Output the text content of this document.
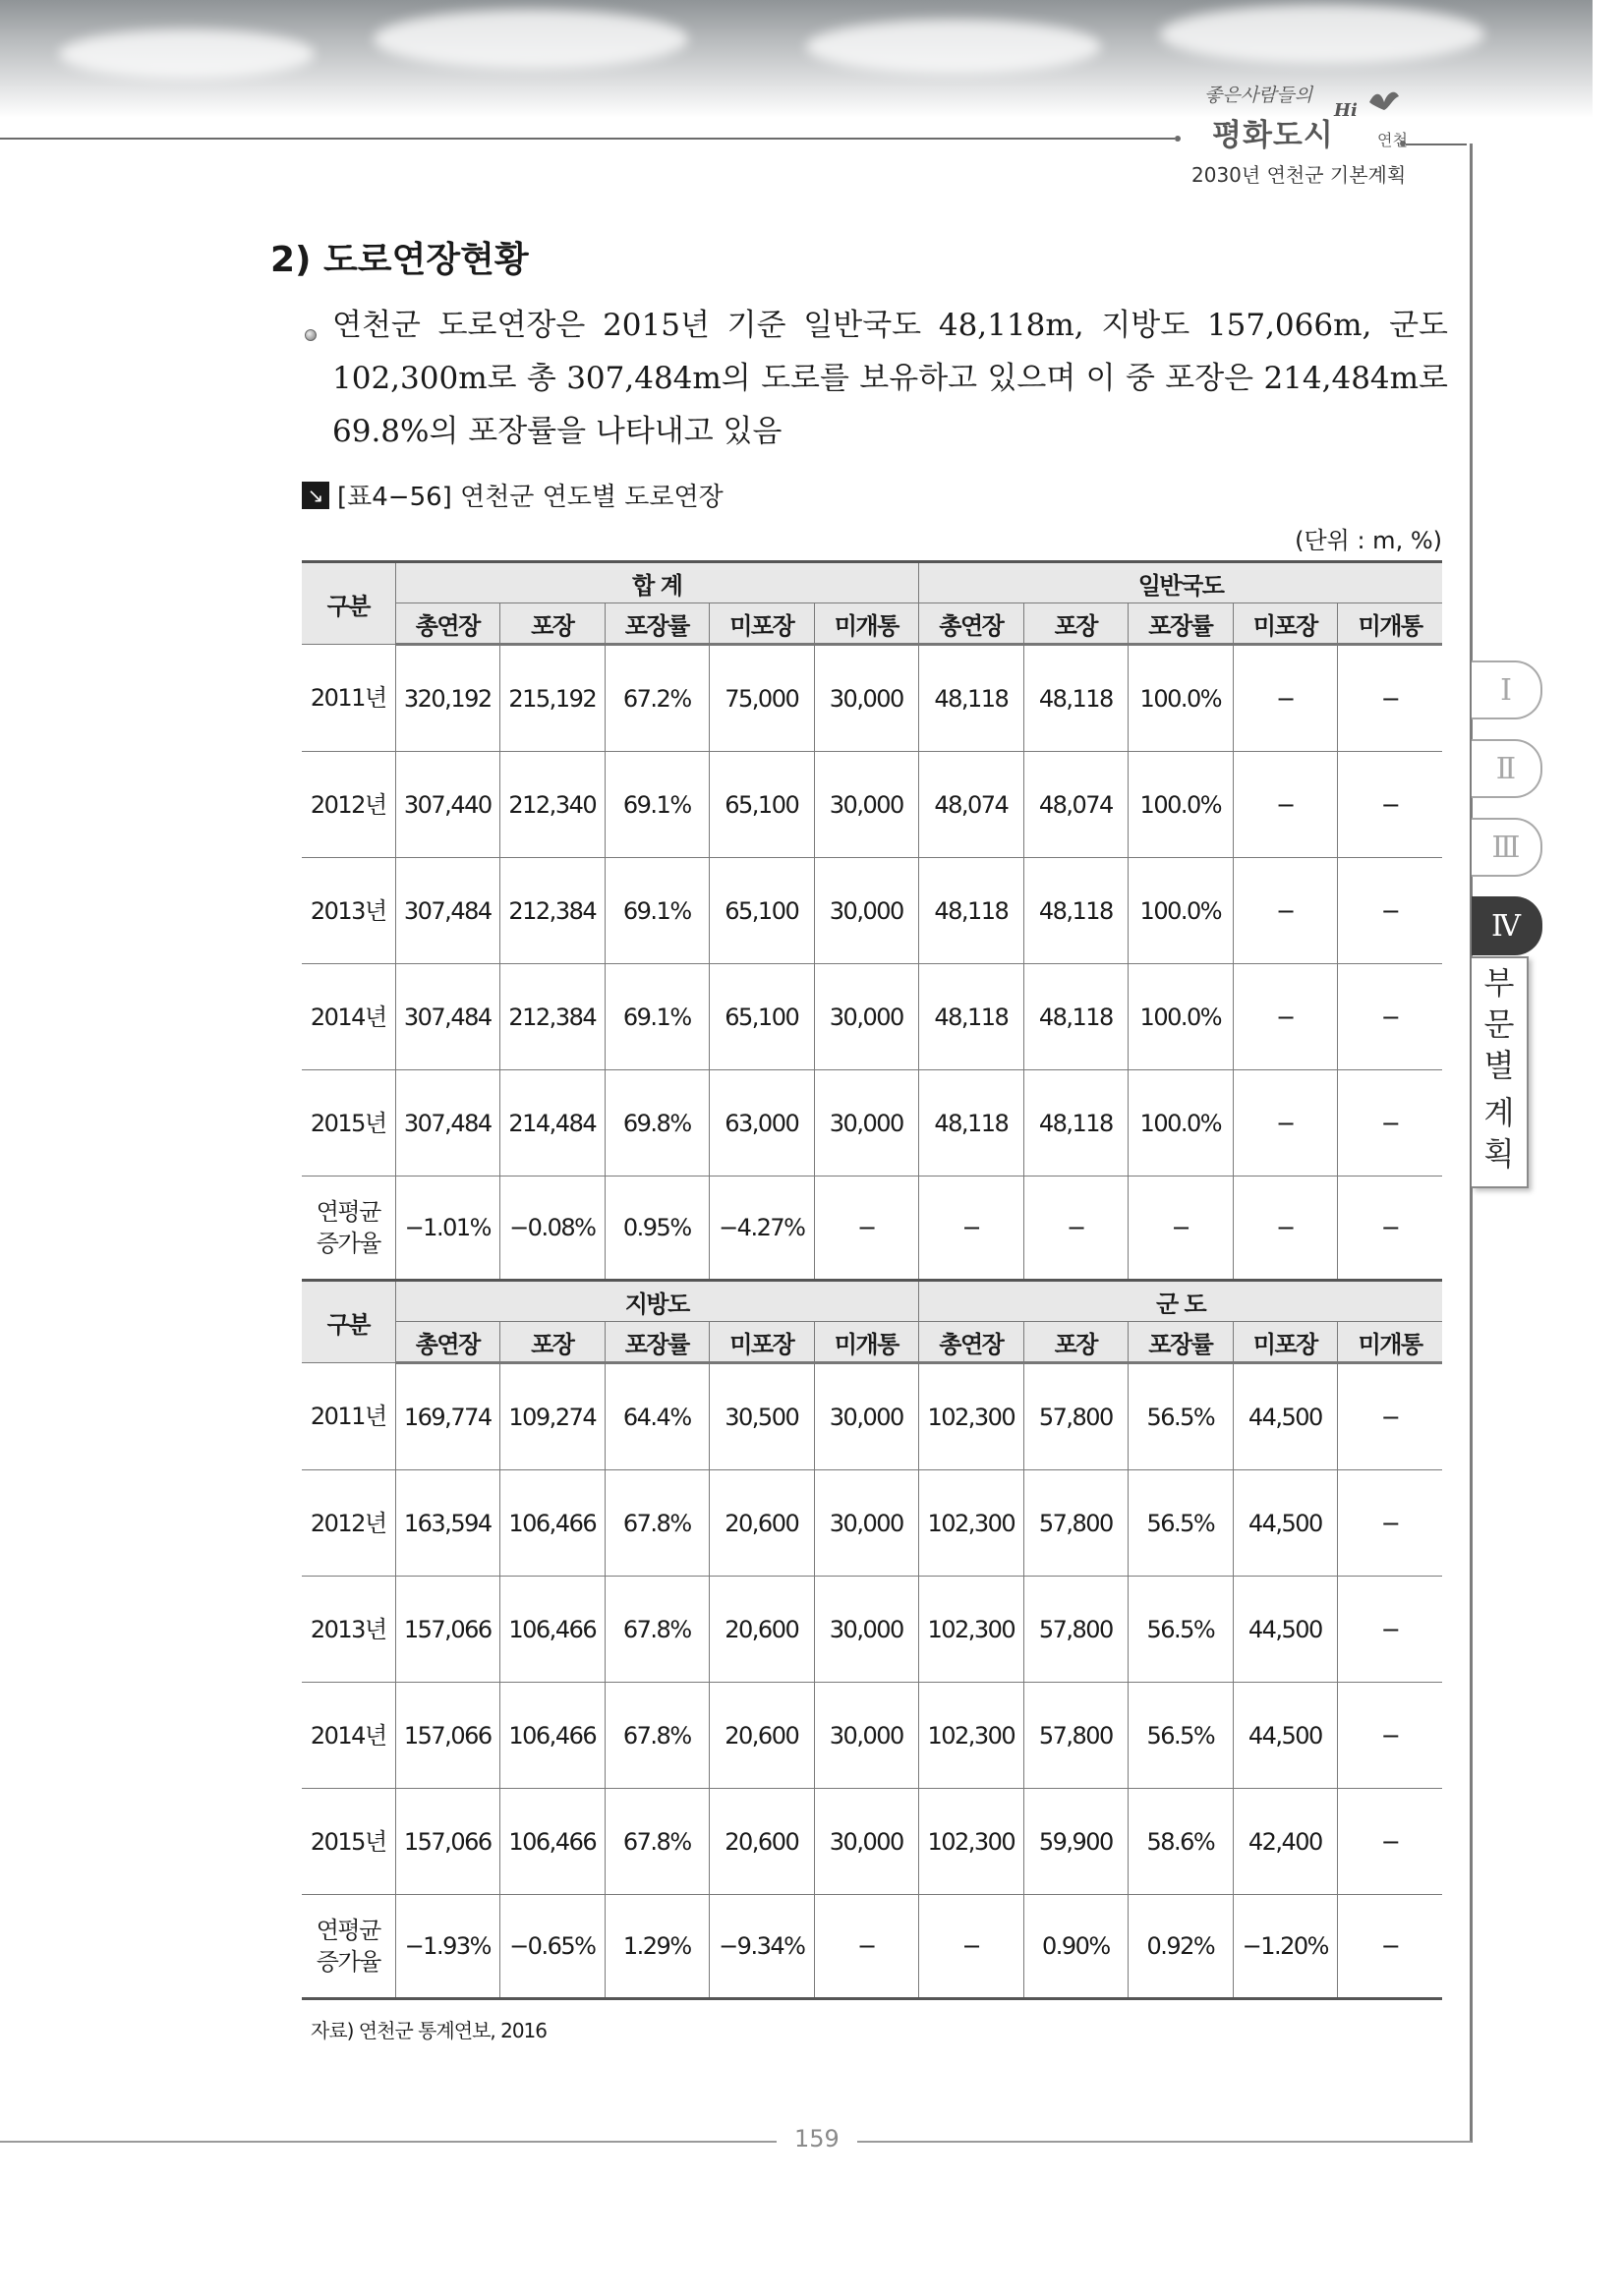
좋은사람들의
평화도시
Hi
연천
2030년 연천군 기본계획
2) 도로연장현황

연천군 도로연장은 2015년 기준 일반국도 48,118m, 지방도 157,066m, 군도 102,300m로 총 307,484m의 도로를 보유하고 있으며 이 중 포장은 214,484m로 69.8%의 포장률을 나타내고 있음

↘ [표4−56] 연천군 연도별 도로연장
(단위 : m, %)
구분	합 계					일반국도				
	총연장	포장	포장률	미포장	미개통	총연장	포장	포장률	미포장	미개통
2011년	320,192	215,192	67.2%	75,000	30,000	48,118	48,118	100.0%	−	−
2012년	307,440	212,340	69.1%	65,100	30,000	48,074	48,074	100.0%	−	−
2013년	307,484	212,384	69.1%	65,100	30,000	48,118	48,118	100.0%	−	−
2014년	307,484	212,384	69.1%	65,100	30,000	48,118	48,118	100.0%	−	−
2015년	307,484	214,484	69.8%	63,000	30,000	48,118	48,118	100.0%	−	−
연평균
증가율	−1.01%	−0.08%	0.95%	−4.27%	−	−	−	−	−	−
구분	지방도					군 도				
	총연장	포장	포장률	미포장	미개통	총연장	포장	포장률	미포장	미개통
2011년	169,774	109,274	64.4%	30,500	30,000	102,300	57,800	56.5%	44,500	−
2012년	163,594	106,466	67.8%	20,600	30,000	102,300	57,800	56.5%	44,500	−
2013년	157,066	106,466	67.8%	20,600	30,000	102,300	57,800	56.5%	44,500	−
2014년	157,066	106,466	67.8%	20,600	30,000	102,300	57,800	56.5%	44,500	−
2015년	157,066	106,466	67.8%	20,600	30,000	102,300	59,900	58.6%	42,400	−
연평균
증가율	−1.93%	−0.65%	1.29%	−9.34%	−	−	0.90%	0.92%	−1.20%	−
자료) 연천군 통계연보, 2016
Ⅰ
Ⅱ
Ⅲ
Ⅳ
부
문
별
계
획
159
